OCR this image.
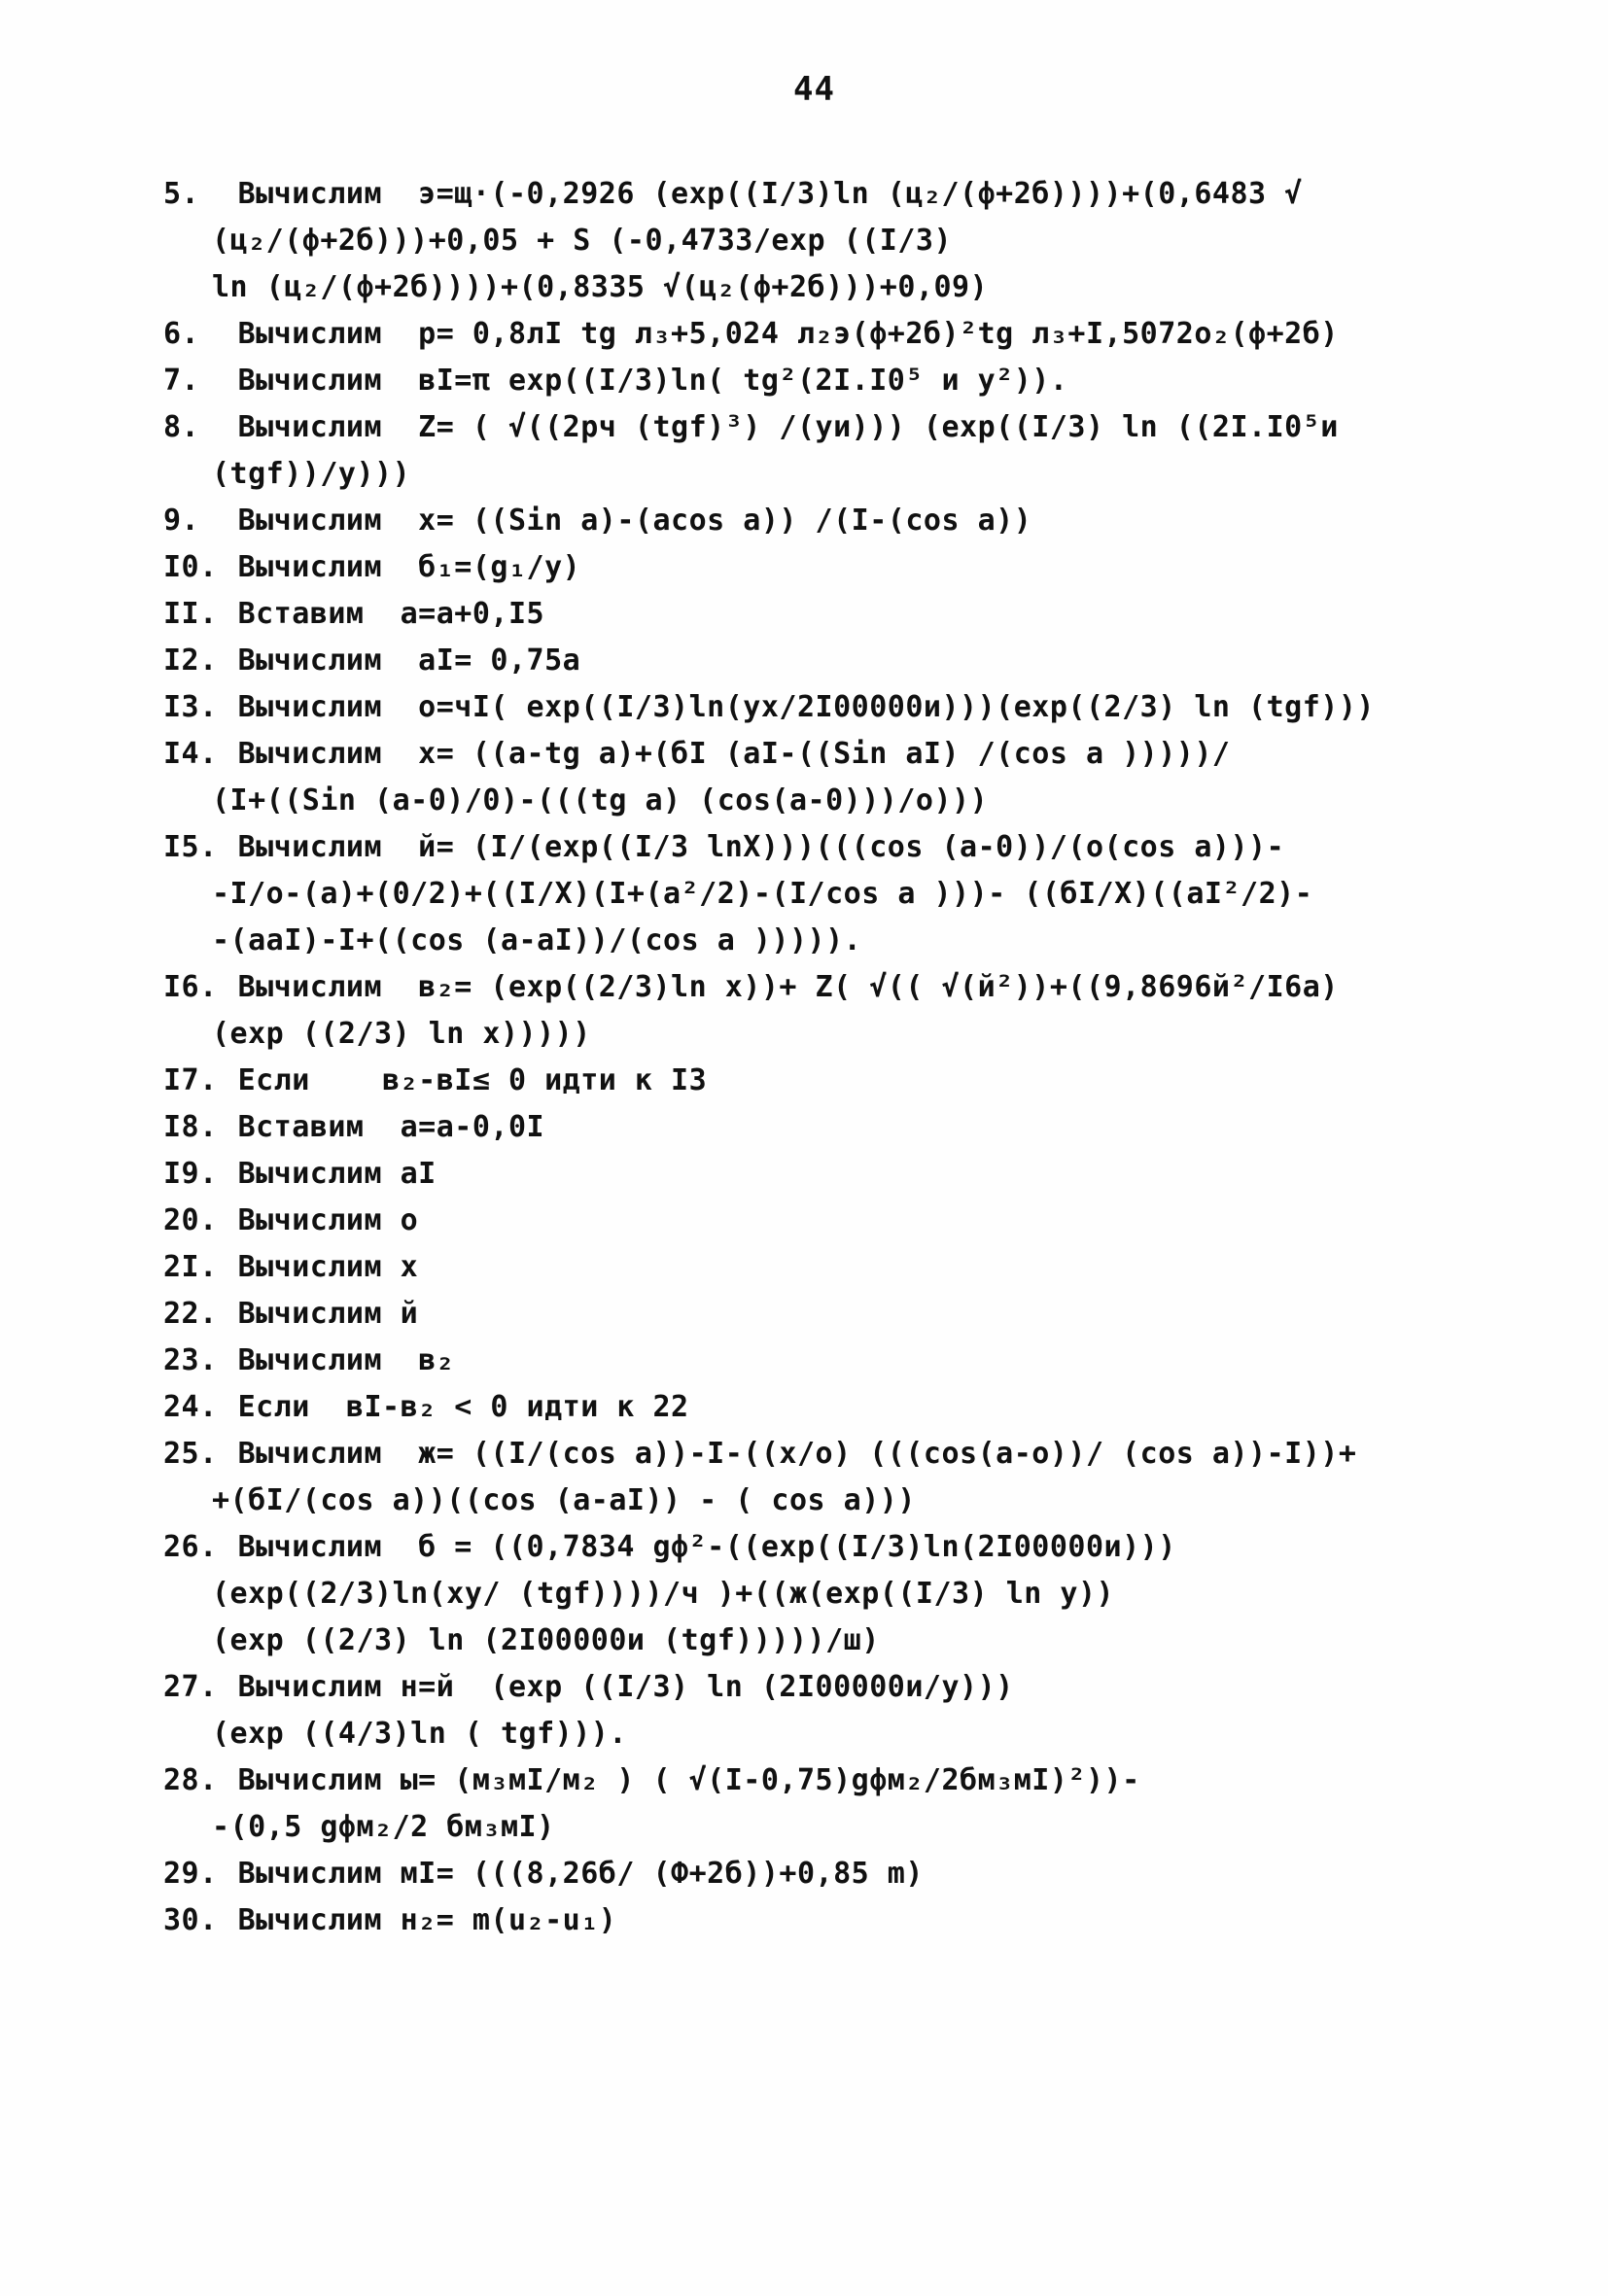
44
5. Вычислим  э=щ·(-0,2926 (exp((I/3)ln (ц₂/(ф+2б))))+(0,6483 √
(ц₂/(ф+2б)))+0,05 + S (-0,4733/exp ((I/3)
ln (ц₂/(ф+2б))))+(0,8335 √(ц₂(ф+2б)))+0,09)
6. Вычислим  р= 0,8лI tg л₃+5,024 л₂э(ф+2б)²tg л₃+I,5072о₂(ф+2б)
7. Вычислим  вI=π exp((I/3)ln( tg²(2I.I0⁵ и y²)).
8. Вычислим  Z= ( √((2рч (tgf)³) /(уи))) (exp((I/3) ln ((2I.I0⁵и
(tgf))/y)))
9. Вычислим  х= ((Sin a)-(acos a)) /(I-(cos a))
I0. Вычислим  б₁=(g₁/y)
II. Вставим  а=а+0,I5
I2. Вычислим  аI= 0,75а
I3. Вычислим  о=чI( exp((I/3)ln(ух/2I00000и)))(exp((2/3) ln (tgf)))
I4. Вычислим  х= ((а-tg a)+(бI (aI-((Sin aI) /(cos a )))))/
(I+((Sin (а-0)/0)-(((tg a) (cos(а-0)))/о)))
I5. Вычислим  й= (I/(exp((I/3 lnX)))(((cos (а-0))/(о(cos a)))-
-I/о-(а)+(0/2)+((I/X)(I+(а²/2)-(I/cos a )))- ((бI/X)((аI²/2)-
-(ааI)-I+((cos (а-аI))/(cos a ))))).
I6. Вычислим  в₂= (exp((2/3)ln x))+ Z( √(( √(й²))+((9,8696й²/I6а)
(exp ((2/3) ln x)))))
I7. Если    в₂-вI≤ 0 идти к I3
I8. Вставим  а=а-0,0I
I9. Вычислим аI
20. Вычислим о
2I. Вычислим х
22. Вычислим й
23. Вычислим  в₂
24. Если  вI-в₂ < 0 идти к 22
25. Вычислим  ж= ((I/(cos a))-I-((х/о) (((cos(а-о))/ (cos a))-I))+
+(бI/(cos a))((cos (а-аI)) - ( cos a)))
26. Вычислим  б = ((0,7834 gф²-((exp((I/3)ln(2I00000и)))
(exp((2/3)ln(ху/ (tgf))))/ч )+((ж(exp((I/3) ln y))
(exp ((2/3) ln (2I00000и (tgf)))))/ш)
27. Вычислим н=й  (exp ((I/3) ln (2I00000и/y)))
(exp ((4/3)ln ( tgf))).
28. Вычислим ы= (м₃мI/м₂ ) ( √(I-0,75)gфм₂/2бм₃мI)²))-
-(0,5 gфм₂/2 бм₃мI)
29. Вычислим мI= (((8,26б/ (Ф+2б))+0,85 m)
30. Вычислим н₂= m(u₂-u₁)
